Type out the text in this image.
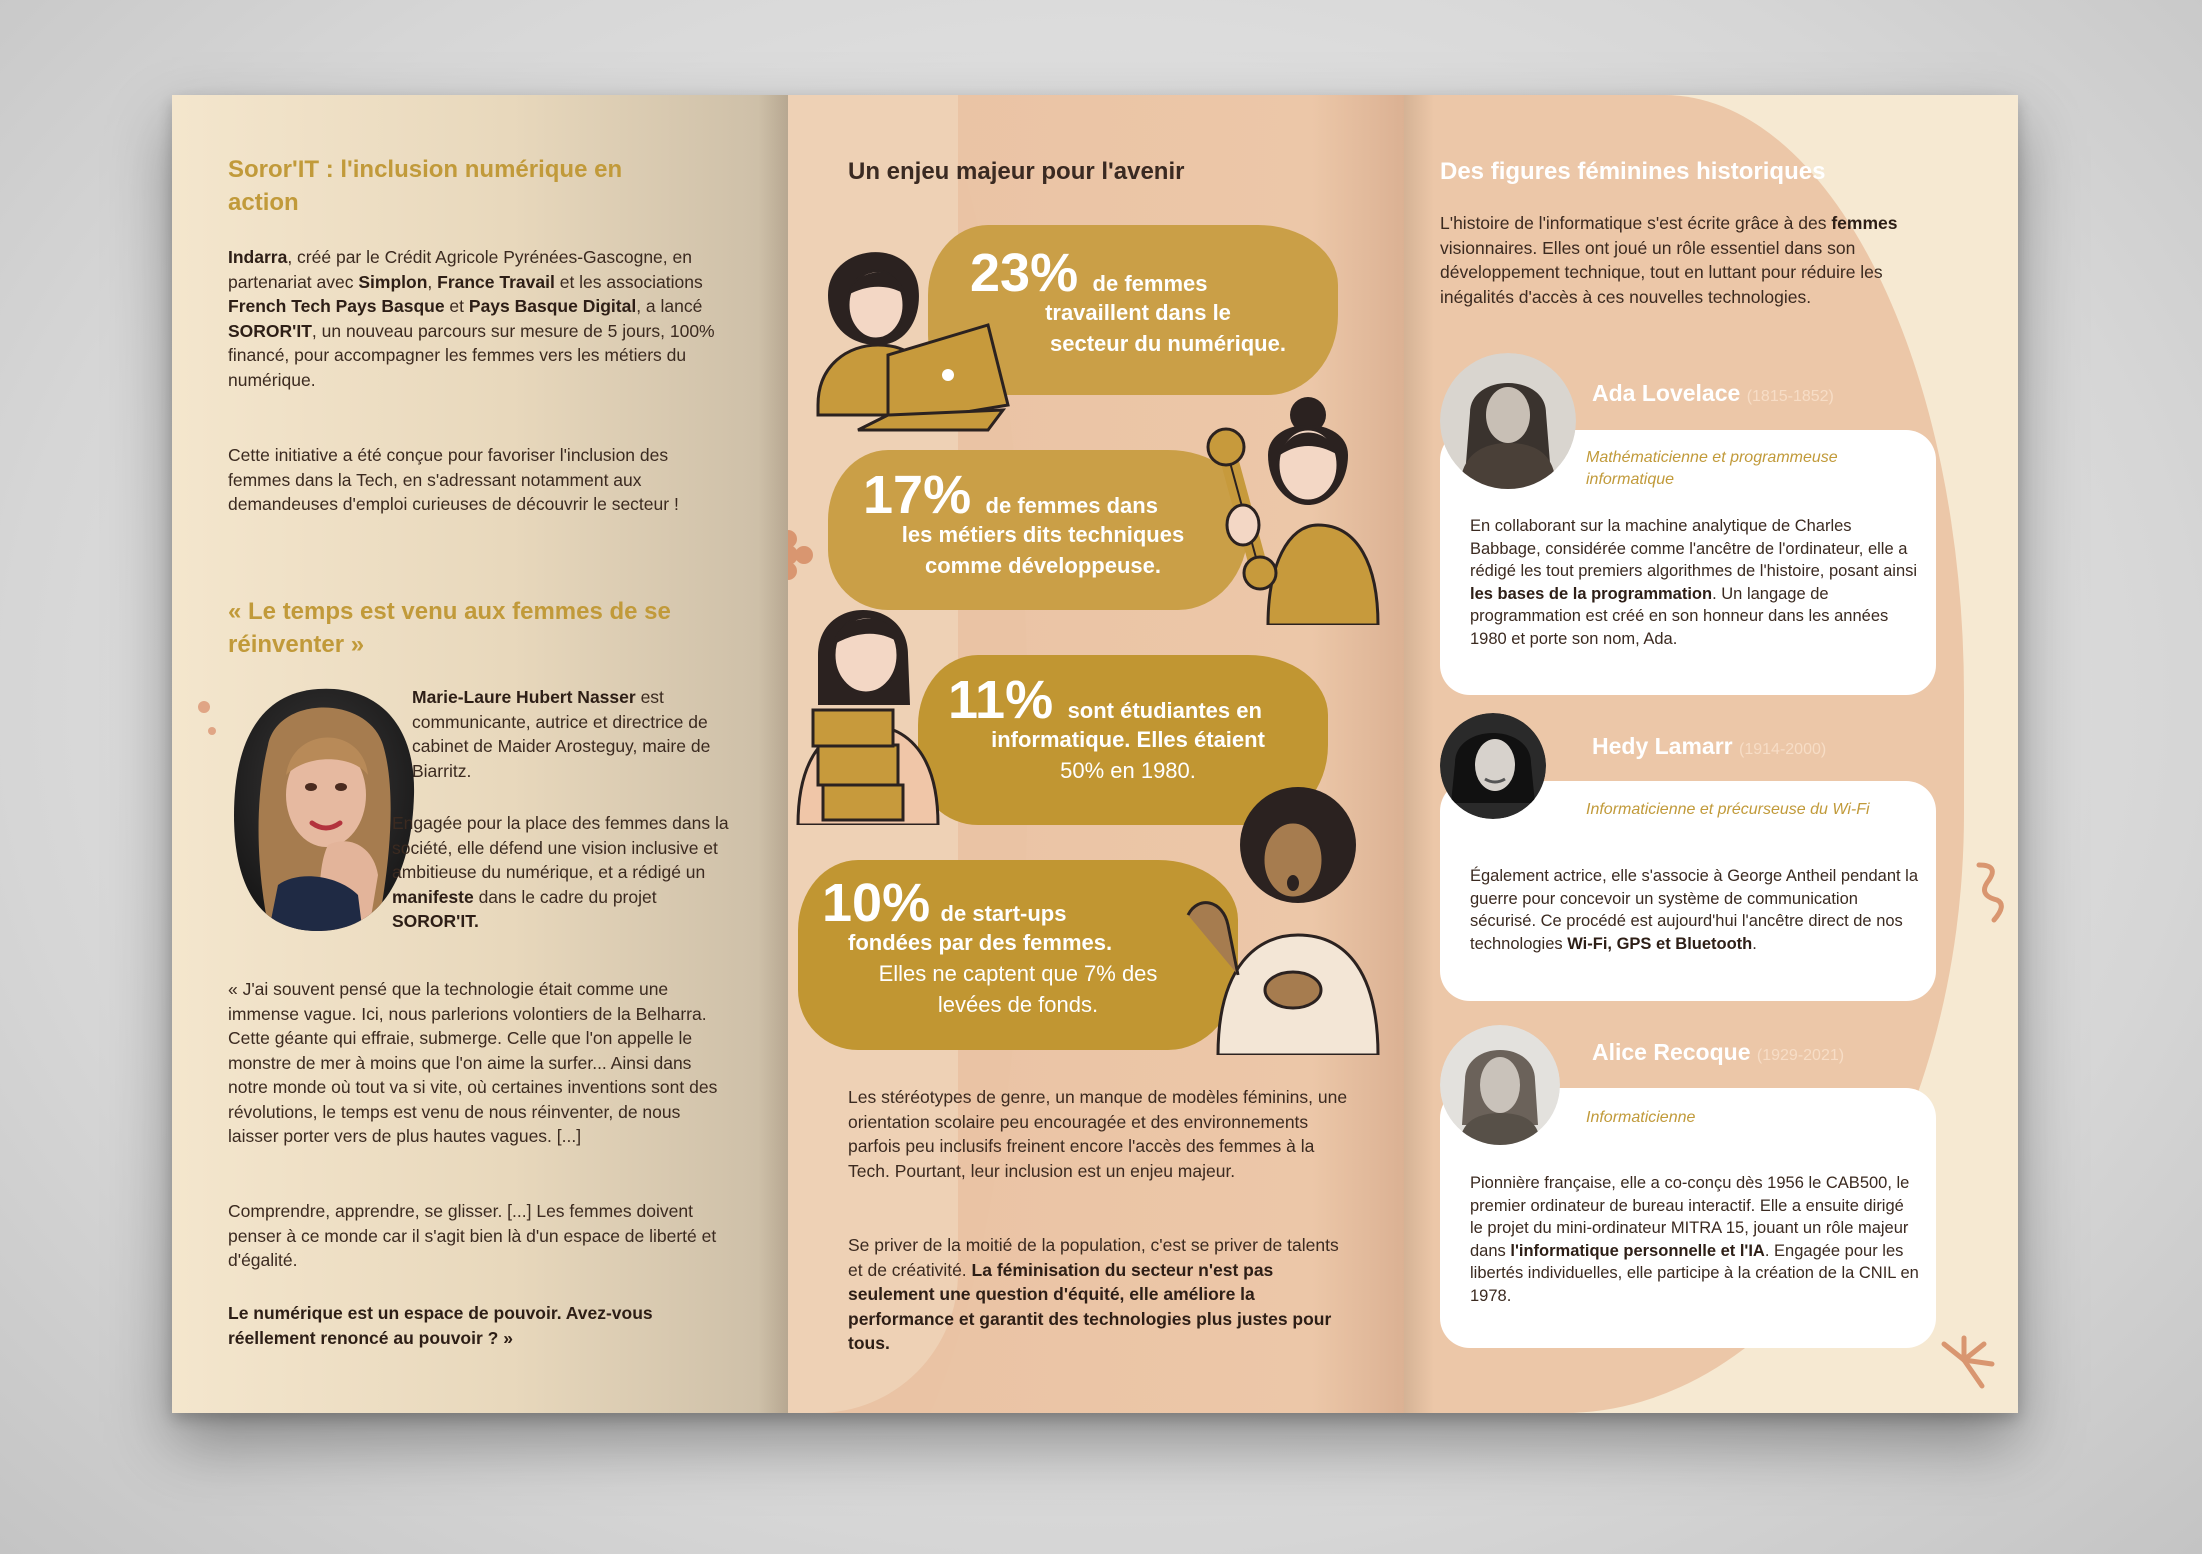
Soror'IT : l'inclusion numérique en action

Indarra, créé par le Crédit Agricole Pyrénées-Gascogne, en partenariat avec Simplon, France Travail et les associations French Tech Pays Basque et Pays Basque Digital, a lancé SOROR'IT, un nouveau parcours sur mesure de 5 jours, 100% financé, pour accompagner les femmes vers les métiers du numérique.

Cette initiative a été conçue pour favoriser l'inclusion des femmes dans la Tech, en s'adressant notamment aux demandeuses d'emploi curieuses de découvrir le secteur !

« Le temps est venu aux femmes de se réinventer »

Marie-Laure Hubert Nasser est communicante, autrice et directrice de cabinet de Maider Arosteguy, maire de Biarritz.

Engagée pour la place des femmes dans la société, elle défend une vision inclusive et ambitieuse du numérique, et a rédigé un manifeste dans le cadre du projet SOROR'IT.

« J'ai souvent pensé que la technologie était comme une immense vague. Ici, nous parlerions volontiers de la Belharra. Cette géante qui effraie, submerge. Celle que l'on appelle le monstre de mer à moins que l'on aime la surfer... Ainsi dans notre monde où tout va si vite, où certaines inventions sont des révolutions, le temps est venu de nous réinventer, de nous laisser porter vers de plus hautes vagues. [...]

Comprendre, apprendre, se glisser. [...] Les femmes doivent penser à ce monde car il s'agit bien là d'un espace de liberté et d'égalité.

Le numérique est un espace de pouvoir. Avez-vous réellement renoncé au pouvoir ? »

Un enjeu majeur pour l'avenir
23% de femmes
travaillent dans le
secteur du numérique.
17% de femmes dans
les métiers dits techniques
comme développeuse.
11% sont étudiantes en
informatique. Elles étaient
50% en 1980.
10% de start-ups
fondées par des femmes.
Elles ne captent que 7% des
levées de fonds.

Les stéréotypes de genre, un manque de modèles féminins, une orientation scolaire peu encouragée et des environnements parfois peu inclusifs freinent encore l'accès des femmes à la Tech. Pourtant, leur inclusion est un enjeu majeur.

Se priver de la moitié de la population, c'est se priver de talents et de créativité. La féminisation du secteur n'est pas seulement une question d'équité, elle améliore la performance et garantit des technologies plus justes pour tous.

Des figures féminines historiques

L'histoire de l'informatique s'est écrite grâce à des femmes visionnaires. Elles ont joué un rôle essentiel dans son développement technique, tout en luttant pour réduire les inégalités d'accès à ces nouvelles technologies.

Ada Lovelace (1815-1852)
Mathématicienne et programmeuse informatique

En collaborant sur la machine analytique de Charles Babbage, considérée comme l'ancêtre de l'ordinateur, elle a rédigé les tout premiers algorithmes de l'histoire, posant ainsi les bases de la programmation. Un langage de programmation est créé en son honneur dans les années 1980 et porte son nom, Ada.

Hedy Lamarr (1914-2000)
Informaticienne et précurseuse du Wi-Fi

Également actrice, elle s'associe à George Antheil pendant la guerre pour concevoir un système de communication sécurisé. Ce procédé est aujourd'hui l'ancêtre direct de nos technologies Wi-Fi, GPS et Bluetooth.

Alice Recoque (1929-2021)
Informaticienne

Pionnière française, elle a co-conçu dès 1956 le CAB500, le premier ordinateur de bureau interactif. Elle a ensuite dirigé le projet du mini-ordinateur MITRA 15, jouant un rôle majeur dans l'informatique personnelle et l'IA. Engagée pour les libertés individuelles, elle participe à la création de la CNIL en 1978.
